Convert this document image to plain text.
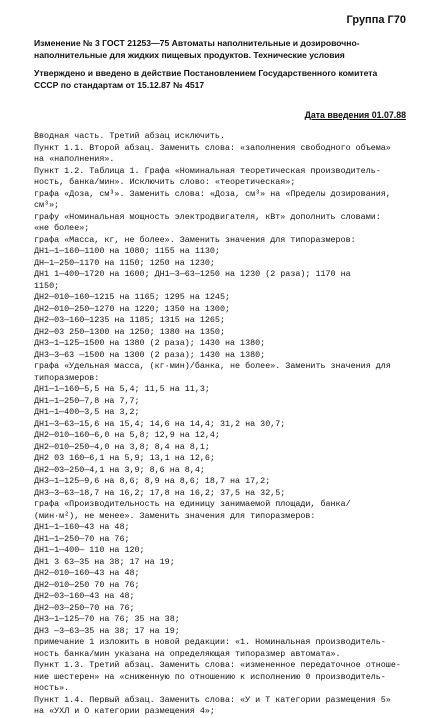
Группа Г70
Изменение № 3 ГОСТ 21253—75 Автоматы наполнительные и дозировочно-
наполнительные для жидких пищевых продуктов. Технические условия
Утверждено и введено в действие Постановлением Государственного комитета
СССР по стандартам от 15.12.87 № 4517
Дата введения 01.07.88
Вводная часть. Третий абзац исключить.
Пункт 1.1. Второй абзац. Заменить слова: «заполнения свободного объема»
на «наполнения».
Пункт 1.2. Таблица 1. Графа «Номинальная теоретическая производитель-
ность, банка/мин». Исключить слово: «теоретическая»;
графа «Доза, см³». Заменить слова: «Доза, см³» на «Пределы дозирования,
см³»;
графу «Номинальная мощность электродвигателя, кВт» дополнить словами:
«не более»;
графа «Масса, кг, не более». Заменить значения для типоразмеров:
ДН1—1—160—1100 на 1080; 1155 на 1130;
ДН—1—250—1170 на 1150; 1250 на 1230;
ДН1 1—400—1720 на 1600; ДН1—3—63—1250 на 1230 (2 раза); 1170 на
1150;
ДН2—010—160—1215 на 1165; 1295 на 1245;
ДН2—010—250—1270 на 1220; 1350 на 1300;
ДН2—03—160—1235 на 1185; 1315 на 1265;
ДН2—03 250—1300 на 1250; 1380 на 1350;
ДН3—1—125—1500 на 1380 (2 раза); 1430 на 1380;
ДН3—3—63 —1500 на 1300 (2 раза); 1430 на 1380;
графа «Удельная масса, (кг·мин)/банка, не более». Заменить значения для
типоразмеров:
ДН1—1—160—5,5 на 5,4; 11,5 на 11,3;
ДН1—1—250—7,8 на 7,7;
ДН1—1—400—3,5 на 3,2;
ДН1—3—63—15,6 на 15,4; 14,6 на 14,4; 31,2 на 30,7;
ДН2—010—160—6,0 на 5,8; 12,9 на 12,4;
ДН2—010—250—4,0 на 3,8; 8,4 на 8,1;
ДН2 03 160—6,1 на 5,9; 13,1 на 12,6;
ДН2—03—250—4,1 на 3,9; 8,6 на 8,4;
ДН3—1—125—9,6 на 8,6; 8,9 на 8,6; 18,7 на 17,2;
ДН3—3—63—18,7 на 16,2; 17,8 на 16,2; 37,5 на 32,5;
графа «Производительность на единицу занимаемой площади, банка/
(мин·м²), не менее». Заменить значения для типоразмеров:
ДН1—1—160—43 на 48;
ДН1—1—250—70 на 76;
ДН1—1—400— 110 на 120;
ДН1 3 63—35 на 38; 17 на 19;
ДН2—010—160—43 на 48;
ДН2—010—250 70 на 76;
ДН2—03—160—43 на 48;
ДН2—03—250—70 на 76;
ДН3—1—125—70 на 76; 35 на 38;
ДН3 —3—63—35 на 38; 17 на 19;
примечание 1 изложить в новой редакции: «1. Номинальная производитель-
ность банка/мин указана на определяющая типоразмер автомата».
Пункт 1.3. Третий абзац. Заменить слова: «измененное передаточное отноше-
ние шестерен» на «сниженную по отношению к исполнению 0 производитель-
ность».
Пункт 1.4. Первый абзац. Заменить слова: «У и Т категории размещения 5»
на «УХЛ и О категории размещения 4»;
